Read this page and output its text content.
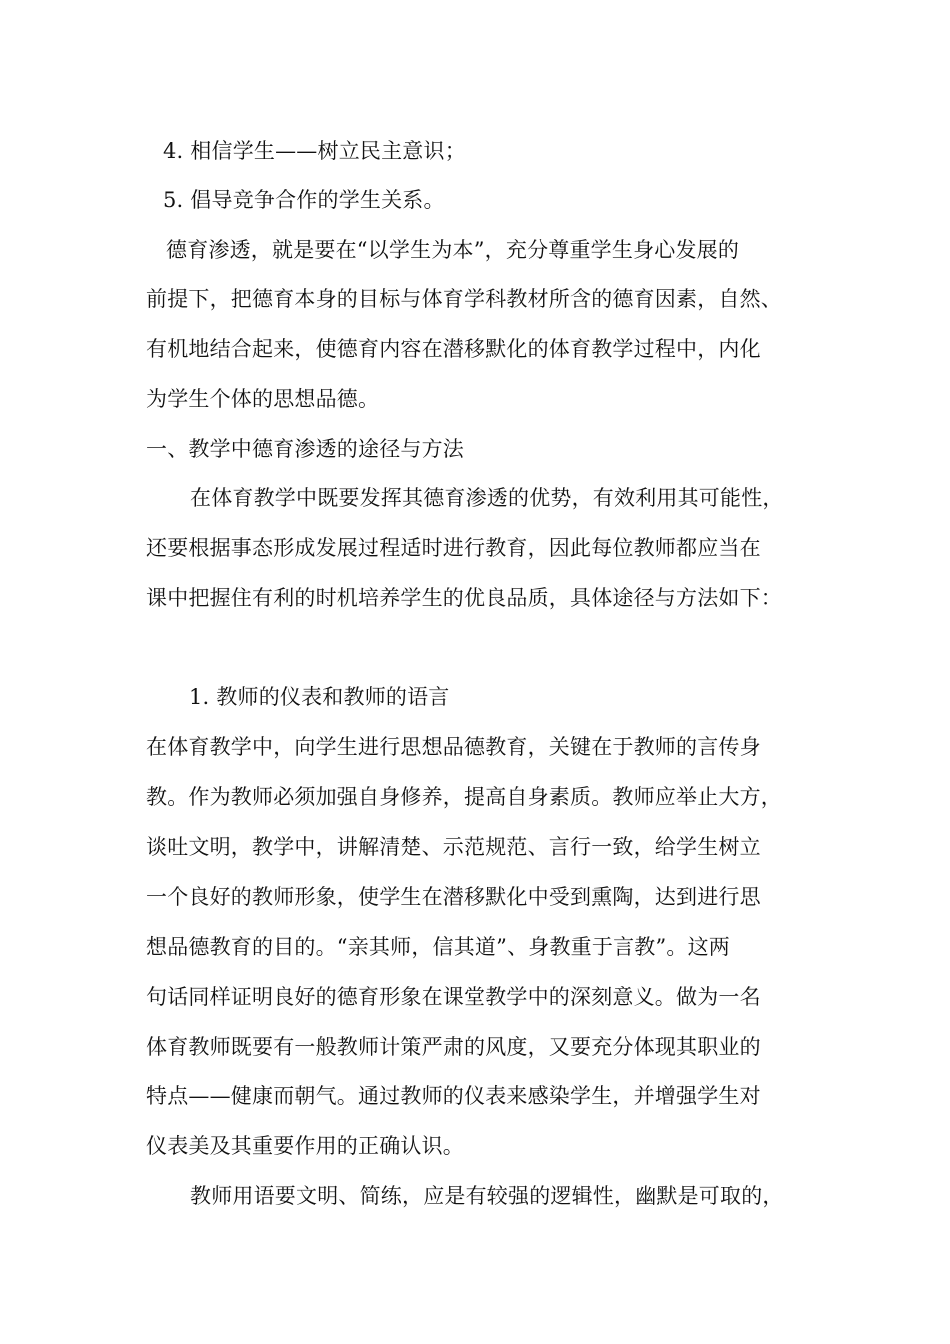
4. 相信学生——树立民主意识；
5. 倡导竞争合作的学生关系。
德育渗透，就是要在“以学生为本”，充分尊重学生身心发展的
前提下，把德育本身的目标与体育学科教材所含的德育因素，自然、
有机地结合起来，使德育内容在潜移默化的体育教学过程中，内化
为学生个体的思想品德。
一、教学中德育渗透的途径与方法
在体育教学中既要发挥其德育渗透的优势，有效利用其可能性，
还要根据事态形成发展过程适时进行教育，因此每位教师都应当在
课中把握住有利的时机培养学生的优良品质，具体途径与方法如下：
1. 教师的仪表和教师的语言
在体育教学中，向学生进行思想品德教育，关键在于教师的言传身
教。作为教师必须加强自身修养，提高自身素质。教师应举止大方，
谈吐文明，教学中，讲解清楚、示范规范、言行一致，给学生树立
一个良好的教师形象，使学生在潜移默化中受到熏陶，达到进行思
想品德教育的目的。“亲其师，信其道”、身教重于言教”。这两
句话同样证明良好的德育形象在课堂教学中的深刻意义。做为一名
体育教师既要有一般教师计策严肃的风度，又要充分体现其职业的
特点——健康而朝气。通过教师的仪表来感染学生，并增强学生对
仪表美及其重要作用的正确认识。
教师用语要文明、简练，应是有较强的逻辑性，幽默是可取的，
